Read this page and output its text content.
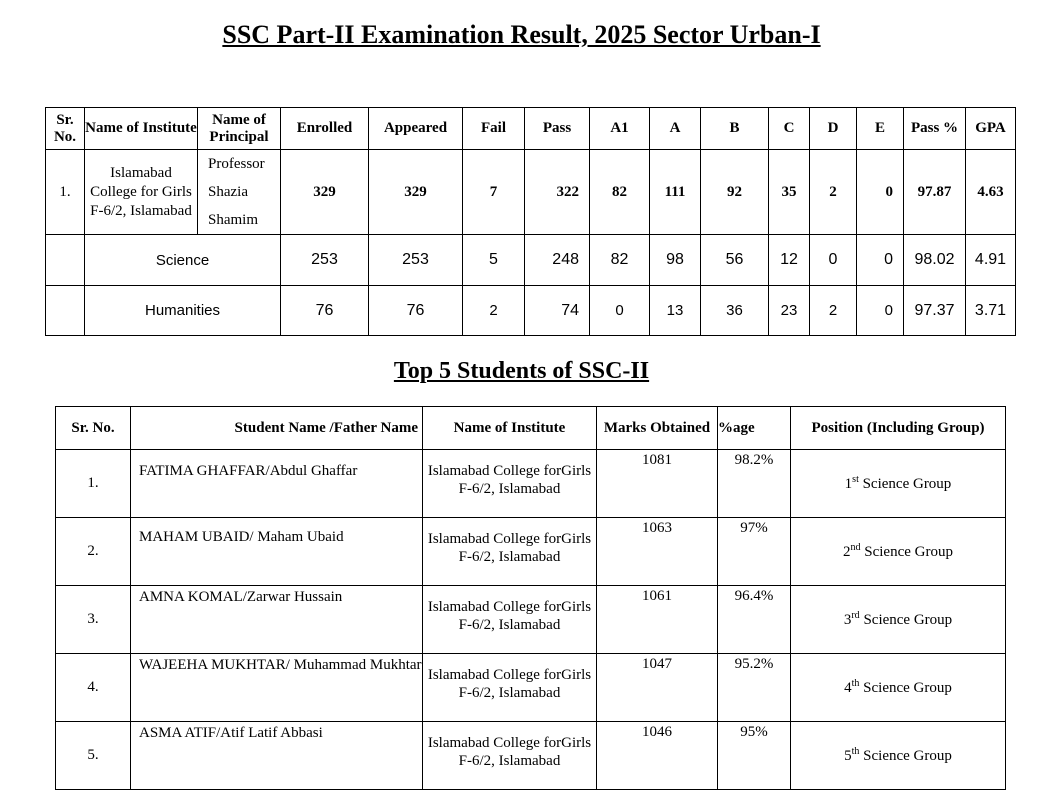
SSC Part-II Examination Result, 2025 Sector Urban-I
Sr. No.	Name of Institute	Name of Principal	Enrolled	Appeared	Fail	Pass	A1	A	B	C	D	E	Pass %	GPA
1.	Islamabad College for Girls F-6/2, Islamabad	Professor Shazia Shamim	329	329	7	322	82	111	92	35	2	0	97.87	4.63
	Science		253	253	5	248	82	98	56	12	0	0	98.02	4.91
	Humanities		76	76	2	74	0	13	36	23	2	0	97.37	3.71
Top 5 Students of SSC-II
Sr. No.	Student Name /Father Name	Name of Institute	Marks Obtained	%age	Position (Including Group)
1.	FATIMA GHAFFAR/Abdul Ghaffar	Islamabad College forGirls F-6/2, Islamabad	1081	98.2%	1st Science Group
2.	MAHAM UBAID/ Maham Ubaid	Islamabad College forGirls F-6/2, Islamabad	1063	97%	2nd Science Group
3.	AMNA KOMAL/Zarwar Hussain	Islamabad College forGirls F-6/2, Islamabad	1061	96.4%	3rd Science Group
4.	WAJEEHA MUKHTAR/ Muhammad Mukhtar	Islamabad College forGirls F-6/2, Islamabad	1047	95.2%	4th Science Group
5.	ASMA ATIF/Atif Latif Abbasi	Islamabad College forGirls F-6/2, Islamabad	1046	95%	5th Science Group
